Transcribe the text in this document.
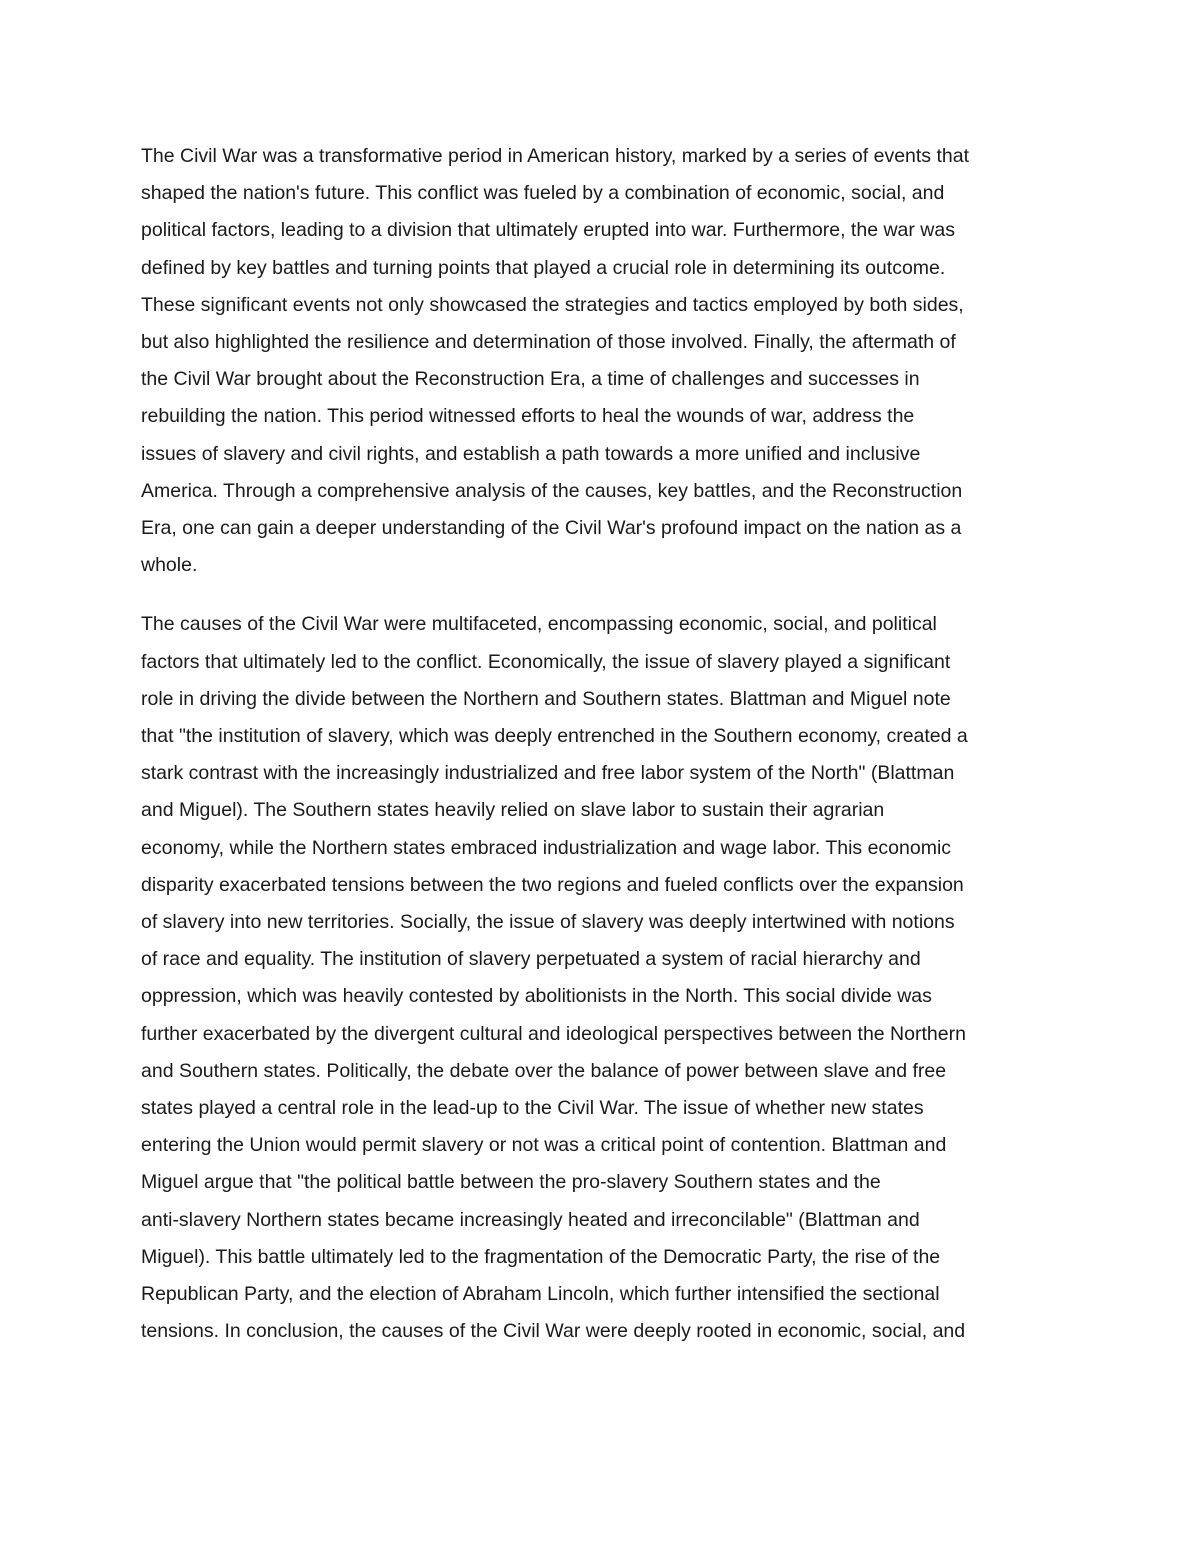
The Civil War was a transformative period in American history, marked by a series of events that
shaped the nation's future. This conflict was fueled by a combination of economic, social, and
political factors, leading to a division that ultimately erupted into war. Furthermore, the war was
defined by key battles and turning points that played a crucial role in determining its outcome.
These significant events not only showcased the strategies and tactics employed by both sides,
but also highlighted the resilience and determination of those involved. Finally, the aftermath of
the Civil War brought about the Reconstruction Era, a time of challenges and successes in
rebuilding the nation. This period witnessed efforts to heal the wounds of war, address the
issues of slavery and civil rights, and establish a path towards a more unified and inclusive
America. Through a comprehensive analysis of the causes, key battles, and the Reconstruction
Era, one can gain a deeper understanding of the Civil War's profound impact on the nation as a
whole.

The causes of the Civil War were multifaceted, encompassing economic, social, and political
factors that ultimately led to the conflict. Economically, the issue of slavery played a significant
role in driving the divide between the Northern and Southern states. Blattman and Miguel note
that "the institution of slavery, which was deeply entrenched in the Southern economy, created a
stark contrast with the increasingly industrialized and free labor system of the North" (Blattman
and Miguel). The Southern states heavily relied on slave labor to sustain their agrarian
economy, while the Northern states embraced industrialization and wage labor. This economic
disparity exacerbated tensions between the two regions and fueled conflicts over the expansion
of slavery into new territories. Socially, the issue of slavery was deeply intertwined with notions
of race and equality. The institution of slavery perpetuated a system of racial hierarchy and
oppression, which was heavily contested by abolitionists in the North. This social divide was
further exacerbated by the divergent cultural and ideological perspectives between the Northern
and Southern states. Politically, the debate over the balance of power between slave and free
states played a central role in the lead-up to the Civil War. The issue of whether new states
entering the Union would permit slavery or not was a critical point of contention. Blattman and
Miguel argue that "the political battle between the pro-slavery Southern states and the
anti-slavery Northern states became increasingly heated and irreconcilable" (Blattman and
Miguel). This battle ultimately led to the fragmentation of the Democratic Party, the rise of the
Republican Party, and the election of Abraham Lincoln, which further intensified the sectional
tensions. In conclusion, the causes of the Civil War were deeply rooted in economic, social, and
